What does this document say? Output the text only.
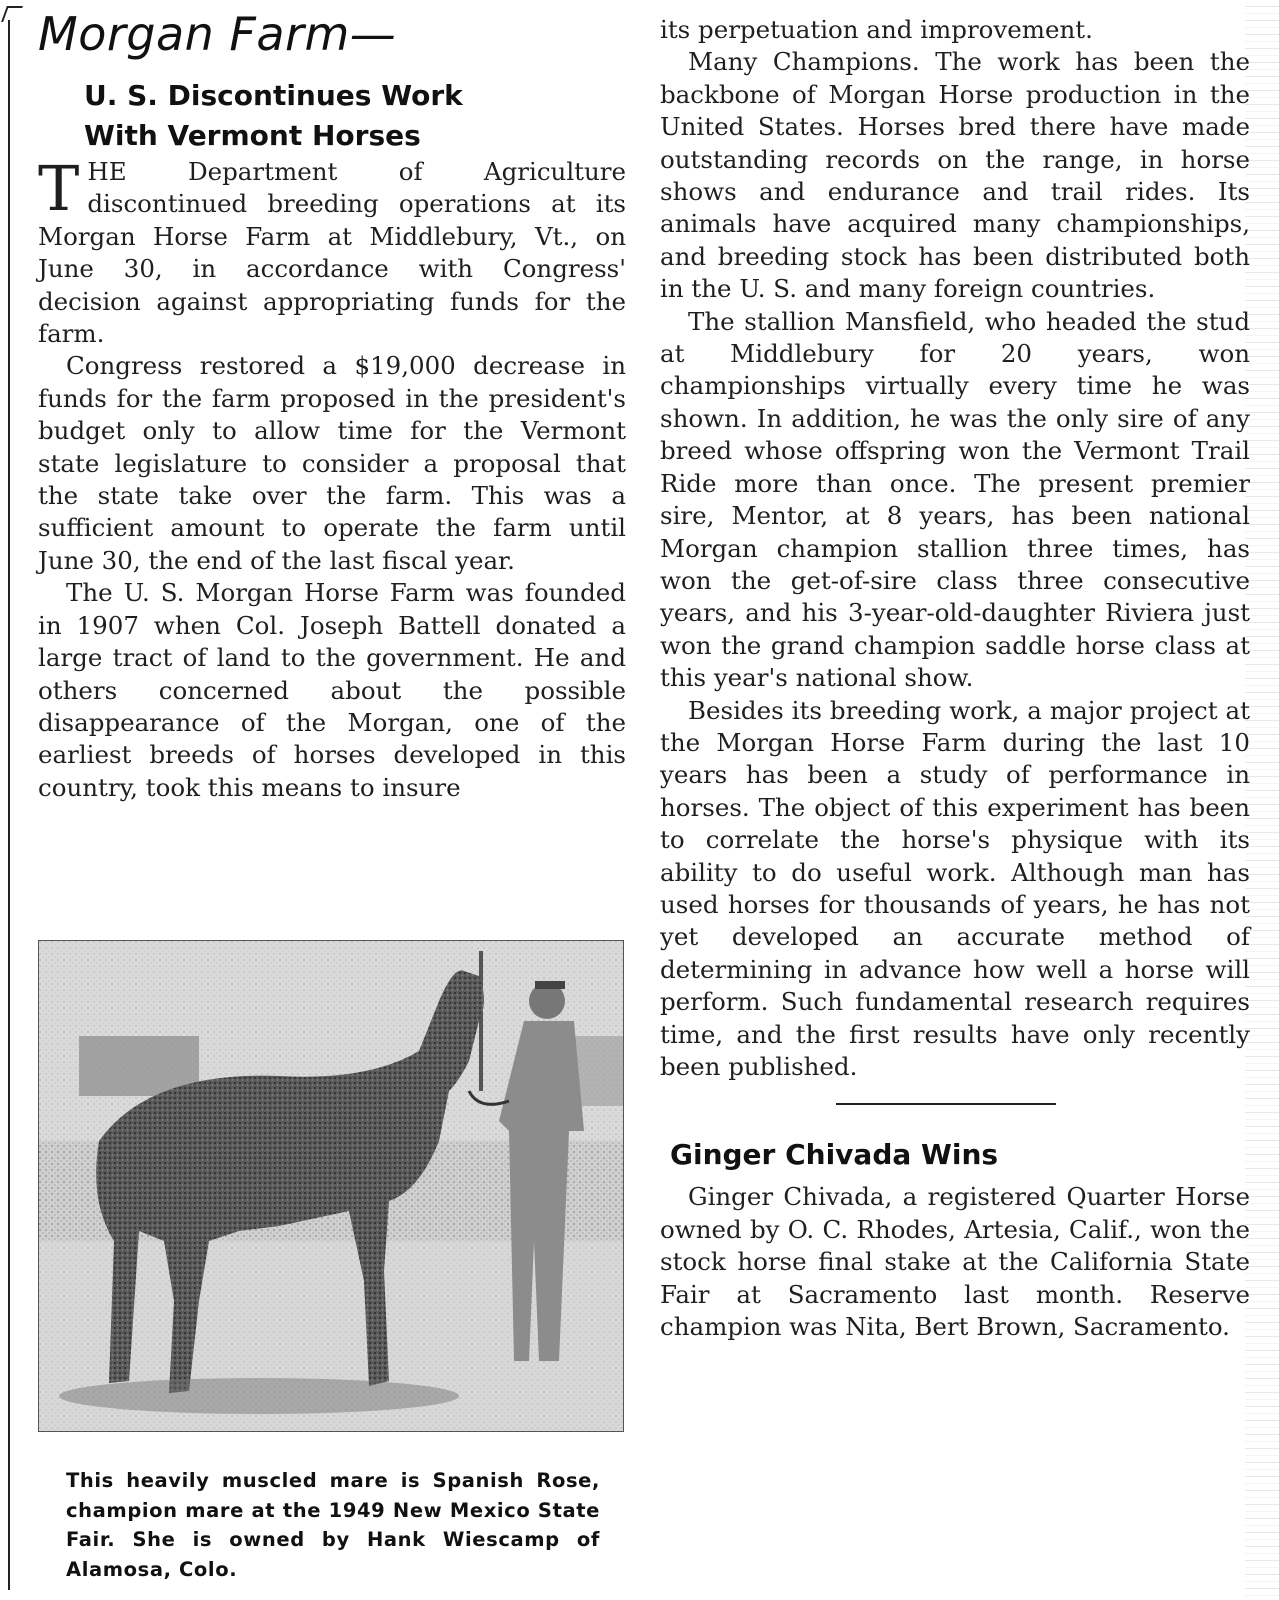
Morgan Farm—
U. S. Discontinues Work
With Vermont Horses

THE Department of Agriculture discontinued breeding operations at its Morgan Horse Farm at Middlebury, Vt., on June 30, in accordance with Congress' decision against appropriating funds for the farm.

Congress restored a $19,000 decrease in funds for the farm proposed in the president's budget only to allow time for the Vermont state legislature to consider a proposal that the state take over the farm. This was a sufficient amount to operate the farm until June 30, the end of the last fiscal year.

The U. S. Morgan Horse Farm was founded in 1907 when Col. Joseph Battell donated a large tract of land to the government. He and others concerned about the possible disappearance of the Morgan, one of the earliest breeds of horses developed in this country, took this means to insure

This heavily muscled mare is Spanish Rose, champion mare at the 1949 New Mexico State Fair. She is owned by Hank Wiescamp of Alamosa, Colo.

its perpetuation and improvement.

Many Champions. The work has been the backbone of Morgan Horse production in the United States. Horses bred there have made outstanding records on the range, in horse shows and endurance and trail rides. Its animals have acquired many championships, and breeding stock has been distributed both in the U. S. and many foreign countries.

The stallion Mansfield, who headed the stud at Middlebury for 20 years, won championships virtually every time he was shown. In addition, he was the only sire of any breed whose offspring won the Vermont Trail Ride more than once. The present premier sire, Mentor, at 8 years, has been national Morgan champion stallion three times, has won the get-of-sire class three consecutive years, and his 3-year-old-daughter Riviera just won the grand champion saddle horse class at this year's national show.

Besides its breeding work, a major project at the Morgan Horse Farm during the last 10 years has been a study of performance in horses. The object of this experiment has been to correlate the horse's physique with its ability to do useful work. Although man has used horses for thousands of years, he has not yet developed an accurate method of determining in advance how well a horse will perform. Such fundamental research requires time, and the first results have only recently been published.

Ginger Chivada Wins

Ginger Chivada, a registered Quarter Horse owned by O. C. Rhodes, Artesia, Calif., won the stock horse final stake at the California State Fair at Sacramento last month. Reserve champion was Nita, Bert Brown, Sacramento.
